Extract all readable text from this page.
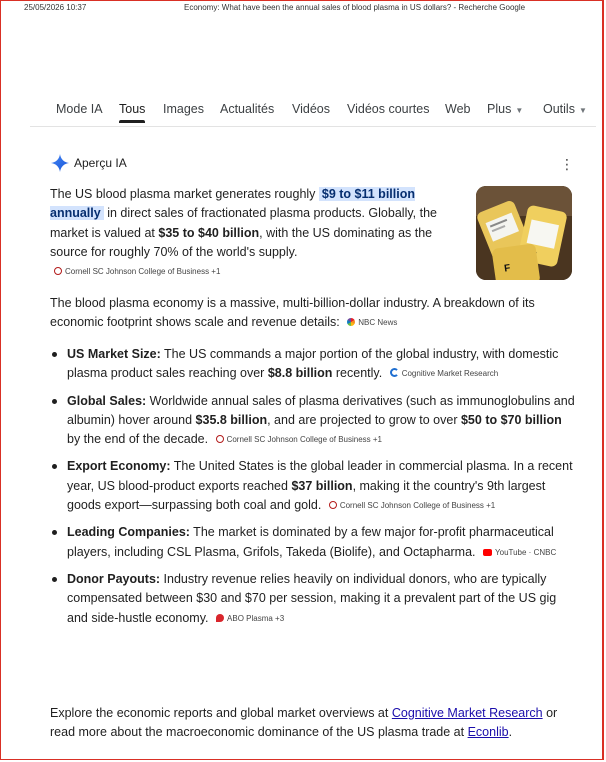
25/05/2026 10:37	Economy: What have been the annual sales of blood plasma in US dollars? - Recherche Google
Mode IA Tous Images Actualités Vidéos Vidéos courtes Web Plus ▼ Outils ▼
Aperçu IA	⋮
The US blood plasma market generates roughly $9 to $11 billion annually in direct sales of fractionated plasma products. Globally, the market is valued at $35 to $40 billion, with the US dominating as the source for roughly 70% of the world's supply. Cornell SC Johnson College of Business +1	F
The blood plasma economy is a massive, multi-billion-dollar industry. A breakdown of its economic footprint shows scale and revenue details: NBC News
US Market Size: The US commands a major portion of the global industry, with domestic plasma product sales reaching over $8.8 billion recently. Cognitive Market Research
Global Sales: Worldwide annual sales of plasma derivatives (such as immunoglobulins and albumin) hover around $35.8 billion, and are projected to grow to over $50 to $70 billion by the end of the decade. Cornell SC Johnson College of Business +1
Export Economy: The United States is the global leader in commercial plasma. In a recent year, US blood-product exports reached $37 billion, making it the country's 9th largest goods export—surpassing both coal and gold. Cornell SC Johnson College of Business +1
Leading Companies: The market is dominated by a few major for-profit pharmaceutical players, including CSL Plasma, Grifols, Takeda (Biolife), and Octapharma. YouTube · CNBC
Donor Payouts: Industry revenue relies heavily on individual donors, who are typically compensated between $30 and $70 per session, making it a prevalent part of the US gig and side-hustle economy. ABO Plasma +3
Explore the economic reports and global market overviews at Cognitive Market Research or read more about the macroeconomic dominance of the US plasma trade at Econlib.
